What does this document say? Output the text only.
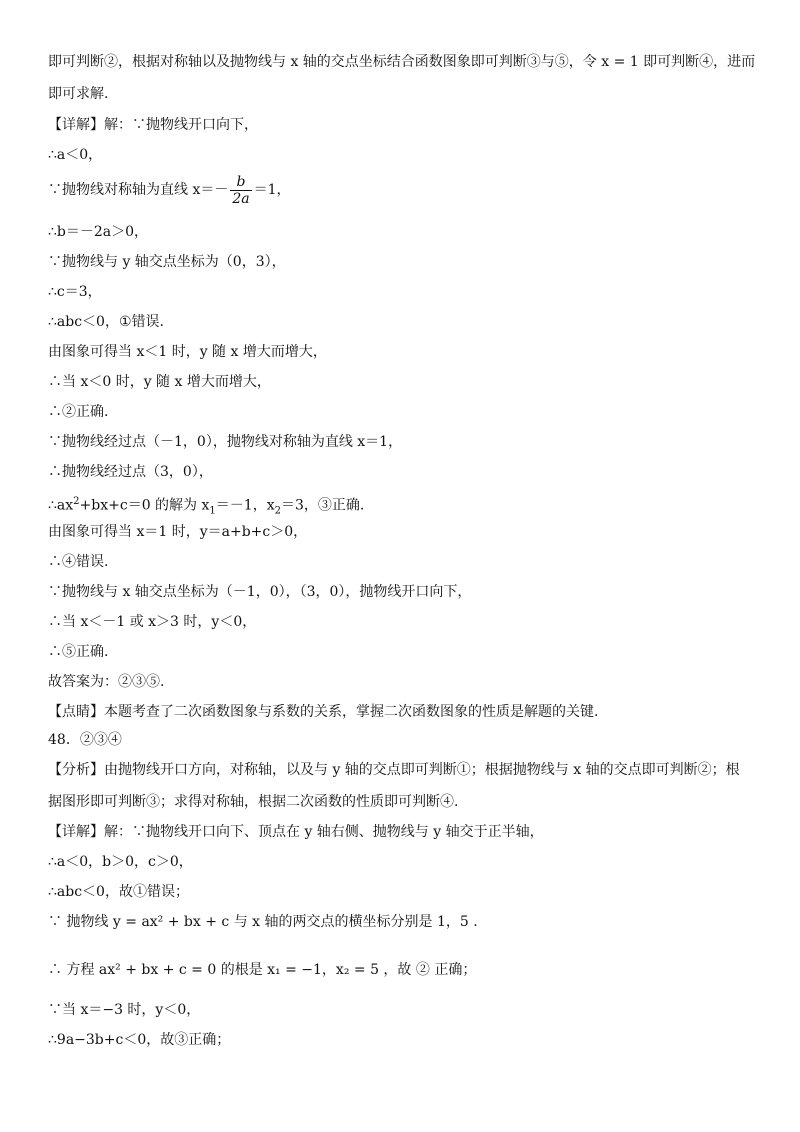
即可判断②，根据对称轴以及抛物线与 x 轴的交点坐标结合函数图象即可判断③与⑤，令 x = 1 即可判断④，进而
即可求解.
【详解】解：∵抛物线开口向下，
∴a＜0，
∵抛物线对称轴为直线 $x=- \frac{b}{2a} =1$，
∴b＝－2a＞0，
∵抛物线与 y 轴交点坐标为（0，3），
∴c＝3，
∴abc＜0，①错误.
由图象可得当 x＜1 时，y 随 x 增大而增大，
∴当 x＜0 时，y 随 x 增大而增大，
∴②正确.
∵抛物线经过点（－1，0），抛物线对称轴为直线 x＝1，
∴抛物线经过点（3，0），
$\therefore ax^2+bx+c=0$ 的解为 $x_1=-1$，$x_2=3$，③正确.
由图象可得当 x＝1 时，y＝a+b+c＞0，
∴④错误.
∵抛物线与 x 轴交点坐标为（－1，0），（3，0），抛物线开口向下，
∴当 x＜－1 或 x＞3 时，y＜0，
∴⑤正确.
故答案为：②③⑤.
【点睛】本题考查了二次函数图象与系数的关系，掌握二次函数图象的性质是解题的关键.
48．②③④
【分析】由抛物线开口方向，对称轴，以及与 y 轴的交点即可判断①；根据抛物线与 x 轴的交点即可判断②；根
据图形即可判断③；求得对称轴，根据二次函数的性质即可判断④.
【详解】解：∵抛物线开口向下、顶点在 y 轴右侧、抛物线与 y 轴交于正半轴，
∴a＜0，b＞0，c＞0，
∴abc＜0，故①错误；
∵ 抛物线 y = ax² + bx + c 与 x 轴的两交点的横坐标分别是 1，5 .
∴ 方程 ax² + bx + c = 0 的根是 x₁ = −1，x₂ = 5 ，故 ② 正确；
∵当 x＝−3 时，y＜0，
∴9a−3b+c＜0，故③正确；
